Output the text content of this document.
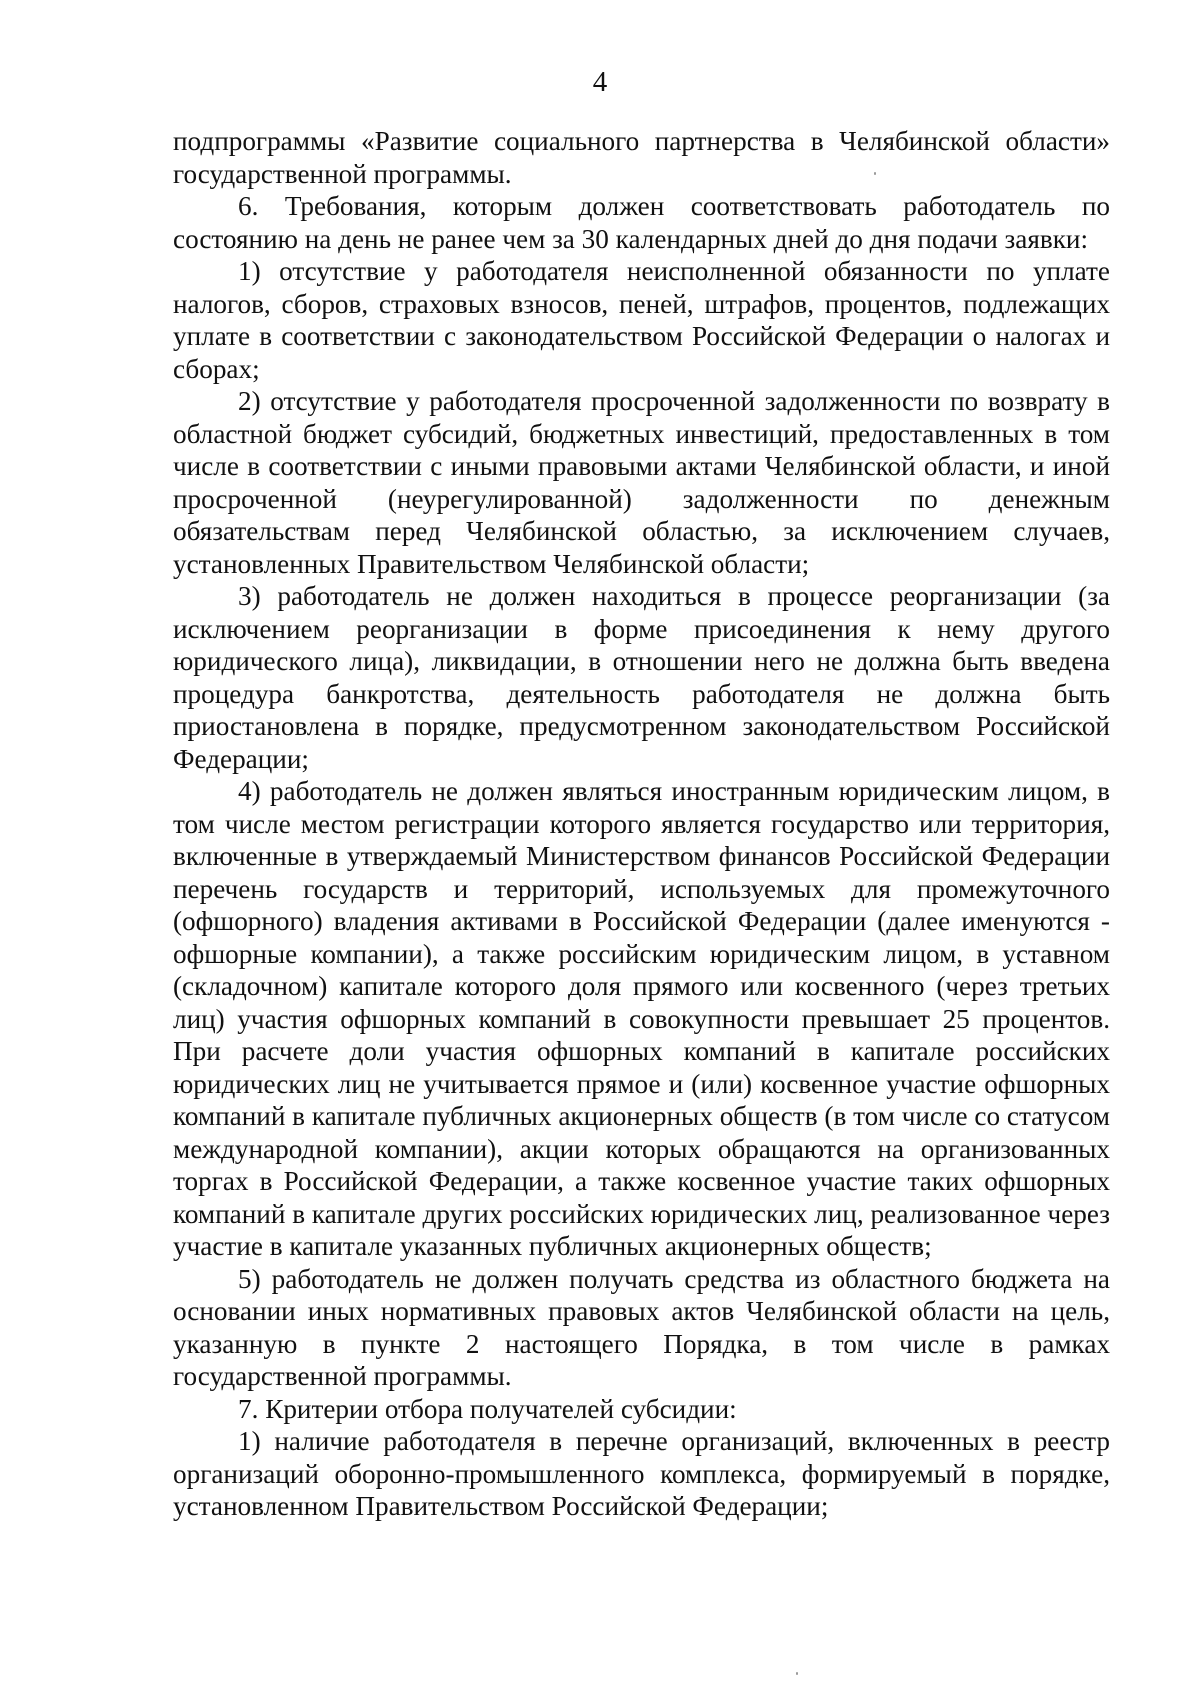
4

подпрограммы «Развитие социального партнерства в Челябинской области» государственной программы.

6. Требования, которым должен соответствовать работодатель по состоянию на день не ранее чем за 30 календарных дней до дня подачи заявки:

1) отсутствие у работодателя неисполненной обязанности по уплате налогов, сборов, страховых взносов, пеней, штрафов, процентов, подлежащих уплате в соответствии с законодательством Российской Федерации о налогах и сборах;

2) отсутствие у работодателя просроченной задолженности по возврату в областной бюджет субсидий, бюджетных инвестиций, предоставленных в том числе в соответствии с иными правовыми актами Челябинской области, и иной просроченной (неурегулированной) задолженности по денежным обязательствам перед Челябинской областью, за исключением случаев, установленных Правительством Челябинской области;

3) работодатель не должен находиться в процессе реорганизации (за исключением реорганизации в форме присоединения к нему другого юридического лица), ликвидации, в отношении него не должна быть введена процедура банкротства, деятельность работодателя не должна быть приостановлена в порядке, предусмотренном законодательством Российской Федерации;

4) работодатель не должен являться иностранным юридическим лицом, в том числе местом регистрации которого является государство или территория, включенные в утверждаемый Министерством финансов Российской Федерации перечень государств и территорий, используемых для промежуточного (офшорного) владения активами в Российской Федерации (далее именуются - офшорные компании), а также российским юридическим лицом, в уставном (складочном) капитале которого доля прямого или косвенного (через третьих лиц) участия офшорных компаний в совокупности превышает 25 процентов. При расчете доли участия офшорных компаний в капитале российских юридических лиц не учитывается прямое и (или) косвенное участие офшорных компаний в капитале публичных акционерных обществ (в том числе со статусом международной компании), акции которых обращаются на организованных торгах в Российской Федерации, а также косвенное участие таких офшорных компаний в капитале других российских юридических лиц, реализованное через участие в капитале указанных публичных акционерных обществ;

5) работодатель не должен получать средства из областного бюджета на основании иных нормативных правовых актов Челябинской области на цель, указанную в пункте 2 настоящего Порядка, в том числе в рамках государственной программы.

7. Критерии отбора получателей субсидии:

1) наличие работодателя в перечне организаций, включенных в реестр организаций оборонно-промышленного комплекса, формируемый в порядке, установленном Правительством Российской Федерации;
